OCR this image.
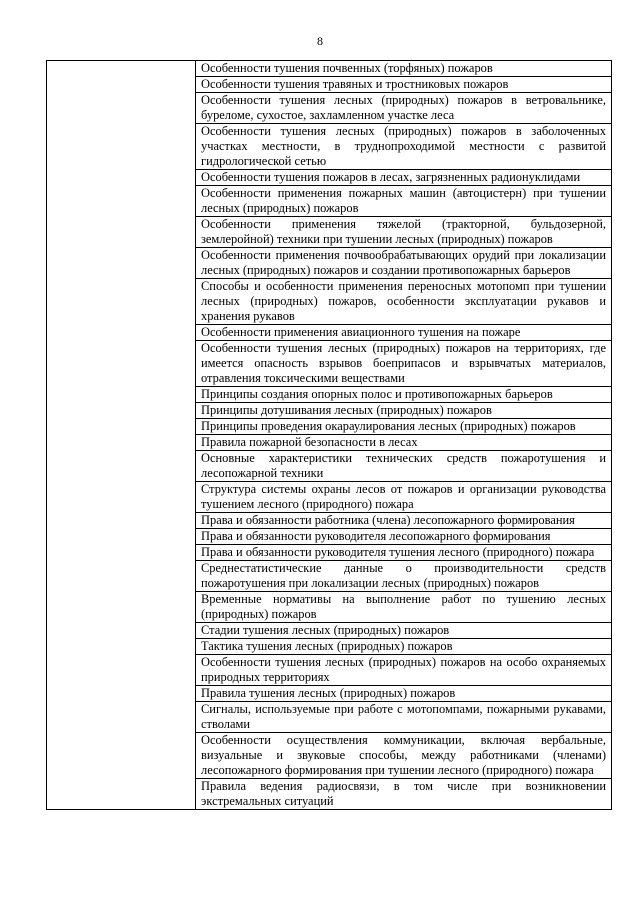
8
Особенности тушения почвенных (торфяных) пожаров
Особенности тушения травяных и тростниковых пожаров
Особенности тушения лесных (природных) пожаров в ветровальнике, буреломе, сухостое, захламленном участке леса
Особенности тушения лесных (природных) пожаров в заболоченных участках местности, в труднопроходимой местности с развитой гидрологической сетью
Особенности тушения пожаров в лесах, загрязненных радионуклидами
Особенности применения пожарных машин (автоцистерн) при тушении лесных (природных) пожаров
Особенности применения тяжелой (тракторной, бульдозерной, землеройной) техники при тушении лесных (природных) пожаров
Особенности применения почвообрабатывающих орудий при локализации лесных (природных) пожаров и создании противопожарных барьеров
Способы и особенности применения переносных мотопомп при тушении лесных (природных) пожаров, особенности эксплуатации рукавов и хранения рукавов
Особенности применения авиационного тушения на пожаре
Особенности тушения лесных (природных) пожаров на территориях, где имеется опасность взрывов боеприпасов и взрывчатых материалов, отравления токсическими веществами
Принципы создания опорных полос и противопожарных барьеров
Принципы дотушивания лесных (природных) пожаров
Принципы проведения окараулирования лесных (природных) пожаров
Правила пожарной безопасности в лесах
Основные характеристики технических средств пожаротушения и лесопожарной техники
Структура системы охраны лесов от пожаров и организации руководства тушением лесного (природного) пожара
Права и обязанности работника (члена) лесопожарного формирования
Права и обязанности руководителя лесопожарного формирования
Права и обязанности руководителя тушения лесного (природного) пожара
Среднестатистические данные о производительности средств пожаротушения при локализации лесных (природных) пожаров
Временные нормативы на выполнение работ по тушению лесных (природных) пожаров
Стадии тушения лесных (природных) пожаров
Тактика тушения лесных (природных) пожаров
Особенности тушения лесных (природных) пожаров на особо охраняемых природных территориях
Правила тушения лесных (природных) пожаров
Сигналы, используемые при работе с мотопомпами, пожарными рукавами, стволами
Особенности осуществления коммуникации, включая вербальные, визуальные и звуковые способы, между работниками (членами) лесопожарного формирования при тушении лесного (природного) пожара
Правила ведения радиосвязи, в том числе при возникновении экстремальных ситуаций
